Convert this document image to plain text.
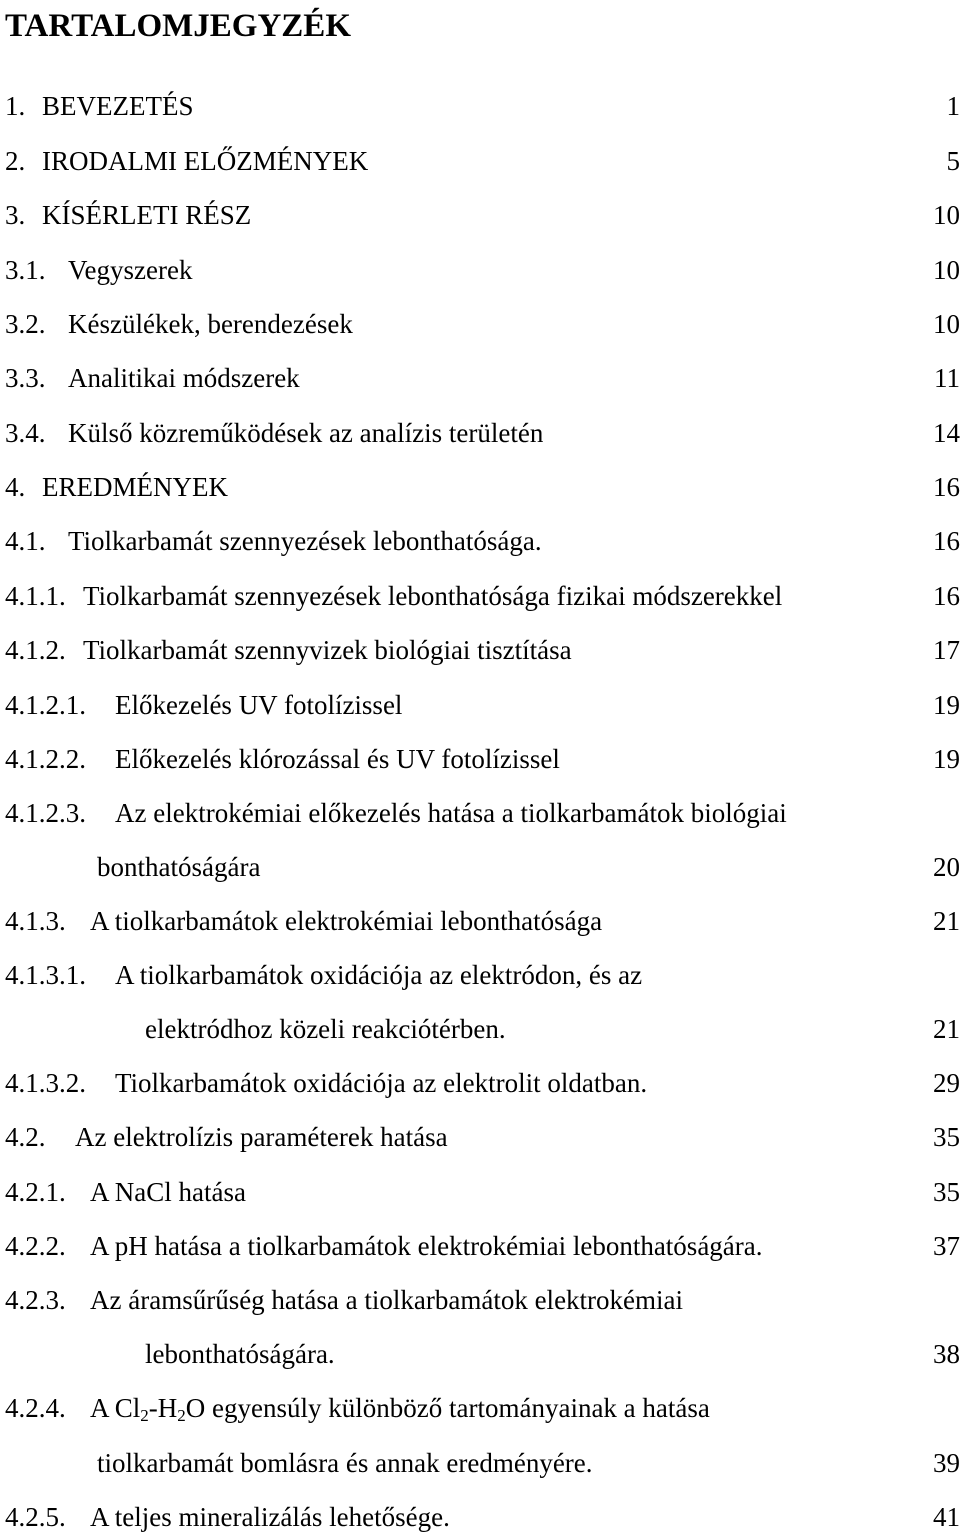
TARTALOMJEGYZÉK
1. BEVEZETÉS	1
2. IRODALMI ELŐZMÉNYEK	5
3. KÍSÉRLETI RÉSZ	10
3.1. Vegyszerek	10
3.2. Készülékek, berendezések	10
3.3. Analitikai módszerek	11
3.4. Külső közreműködések az analízis területén	14
4. EREDMÉNYEK	16
4.1. Tiolkarbamát szennyezések lebonthatósága.	16
4.1.1. Tiolkarbamát szennyezések lebonthatósága fizikai módszerekkel	16
4.1.2. Tiolkarbamát szennyvizek biológiai tisztítása	17
4.1.2.1. Előkezelés UV fotolízissel	19
4.1.2.2. Előkezelés klórozással és UV fotolízissel	19
4.1.2.3. Az elektrokémiai előkezelés hatása a tiolkarbamátok biológiai
bonthatóságára	20
4.1.3. A tiolkarbamátok elektrokémiai lebonthatósága	21
4.1.3.1. A tiolkarbamátok oxidációja az elektródon, és az
elektródhoz közeli reakciótérben.	21
4.1.3.2. Tiolkarbamátok oxidációja az elektrolit oldatban.	29
4.2. Az elektrolízis paraméterek hatása	35
4.2.1. A NaCl hatása	35
4.2.2. A pH hatása a tiolkarbamátok elektrokémiai lebonthatóságára.	37
4.2.3. Az áramsűrűség hatása a tiolkarbamátok elektrokémiai
lebonthatóságára.	38
4.2.4. A $Cl_2-H_2O$ egyensúly különböző tartományainak a hatása
tiolkarbamát bomlásra és annak eredményére.	39
4.2.5. A teljes mineralizálás lehetősége.	41
